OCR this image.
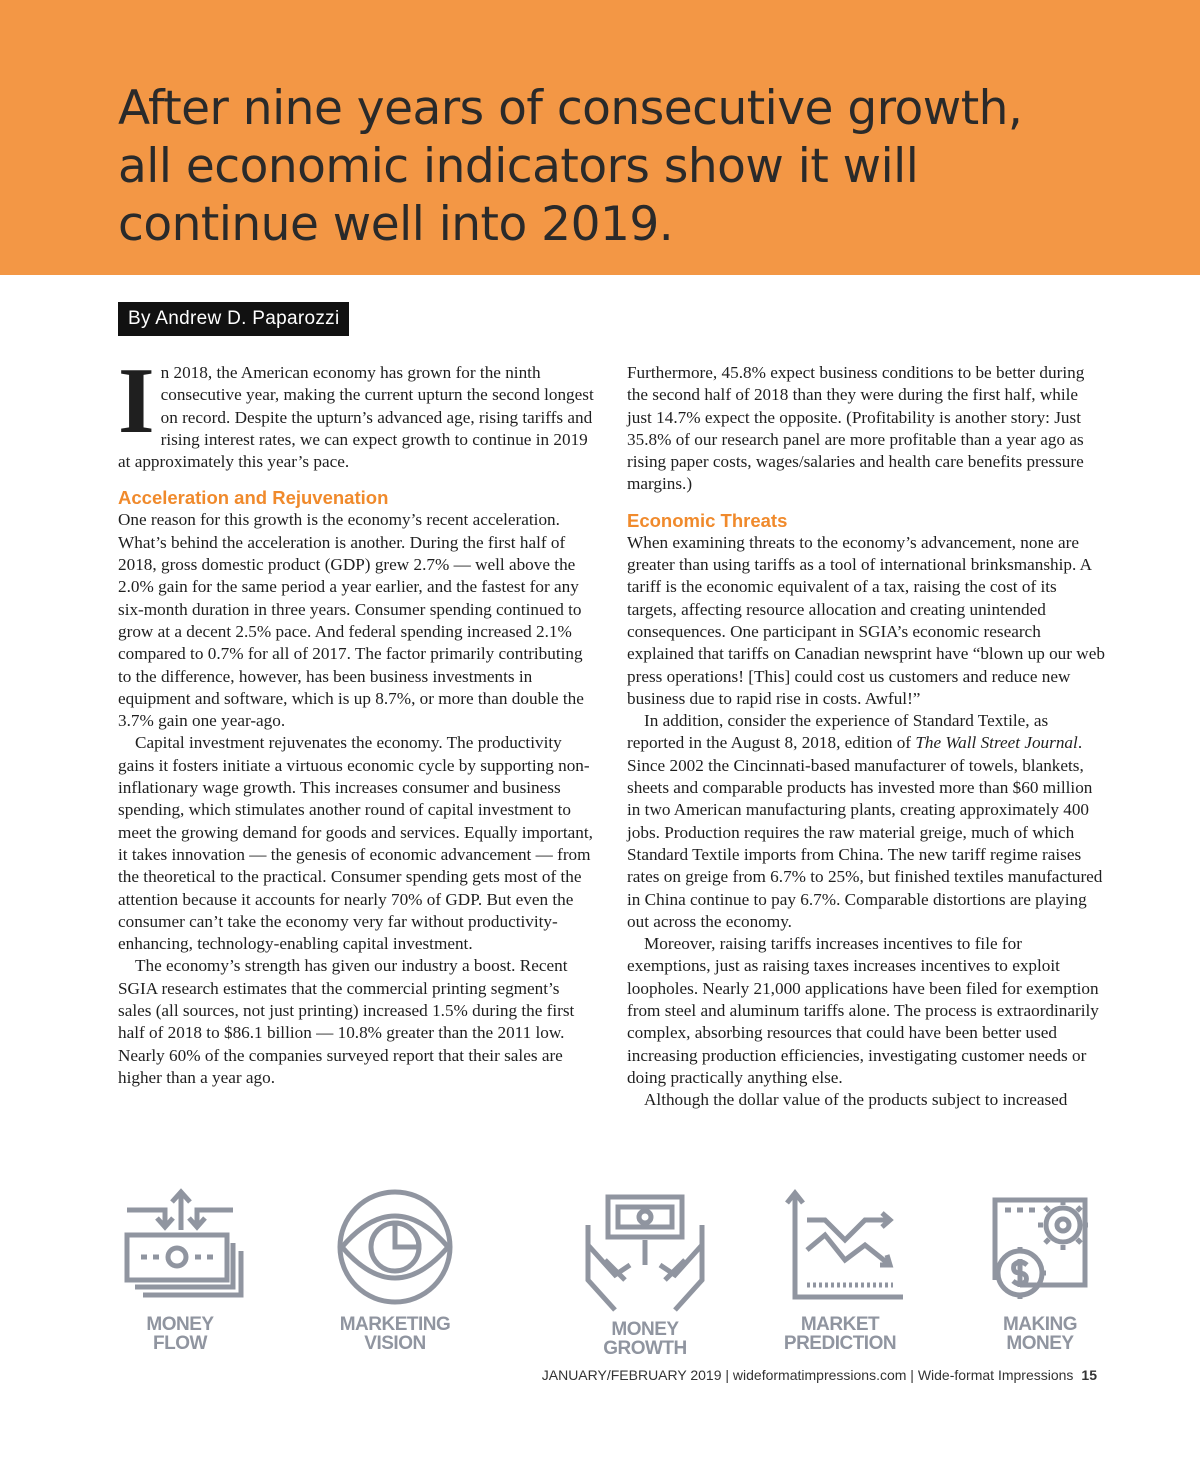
After nine years of consecutive growth,
all economic indicators show it will
continue well into 2019.
By Andrew D. Paparozzi

In 2018, the American economy has grown for the ninth consecutive year, making the current upturn the second longest on record. Despite the upturn’s advanced age, rising tariffs and rising interest rates, we can expect growth to continue in 2019 at approximately this year’s pace.

Acceleration and Rejuvenation

One reason for this growth is the economy’s recent acceleration. What’s behind the acceleration is another. During the first half of 2018, gross domestic product (GDP) grew 2.7% — well above the 2.0% gain for the same period a year earlier, and the fastest for any six-month duration in three years. Consumer spending continued to grow at a decent 2.5% pace. And federal spending increased 2.1% compared to 0.7% for all of 2017. The factor primarily contributing to the difference, however, has been business investments in equipment and software, which is up 8.7%, or more than double the 3.7% gain one year-ago.

Capital investment rejuvenates the economy. The productivity gains it fosters initiate a virtuous economic cycle by supporting non-inflationary wage growth. This increases consumer and business spending, which stimulates another round of capital investment to meet the growing demand for goods and services. Equally important, it takes innovation — the genesis of economic advancement — from the theoretical to the practical. Consumer spending gets most of the attention because it accounts for nearly 70% of GDP. But even the consumer can’t take the economy very far without productivity-enhancing, technology-enabling capital investment.

The economy’s strength has given our industry a boost. Recent SGIA research estimates that the commercial printing segment’s sales (all sources, not just printing) increased 1.5% during the first half of 2018 to $86.1 billion — 10.8% greater than the 2011 low. Nearly 60% of the companies surveyed report that their sales are higher than a year ago.

Furthermore, 45.8% expect business conditions to be better during the second half of 2018 than they were during the first half, while just 14.7% expect the opposite. (Profitability is another story: Just 35.8% of our research panel are more profitable than a year ago as rising paper costs, wages/salaries and health care benefits pressure margins.)

Economic Threats

When examining threats to the economy’s advancement, none are greater than using tariffs as a tool of international brinksmanship. A tariff is the economic equivalent of a tax, raising the cost of its targets, affecting resource allocation and creating unintended consequences. One participant in SGIA’s economic research explained that tariffs on Canadian newsprint have “blown up our web press operations! [This] could cost us customers and reduce new business due to rapid rise in costs. Awful!”

In addition, consider the experience of Standard Textile, as reported in the August 8, 2018, edition of The Wall Street Journal. Since 2002 the Cincinnati-based manufacturer of towels, blankets, sheets and comparable products has invested more than $60 million in two American manufacturing plants, creating approximately 400 jobs. Production requires the raw material greige, much of which Standard Textile imports from China. The new tariff regime raises rates on greige from 6.7% to 25%, but finished textiles manufactured in China continue to pay 6.7%. Comparable distortions are playing out across the economy.

Moreover, raising tariffs increases incentives to file for exemptions, just as raising taxes increases incentives to exploit loopholes. Nearly 21,000 applications have been filed for exemption from steel and aluminum tariffs alone. The process is extraordinarily complex, absorbing resources that could have been better used increasing production efficiencies, investigating customer needs or doing practically anything else.

Although the dollar value of the products subject to increased

MONEY
FLOW
MARKETING
VISION
MONEY
GROWTH
MARKET
PREDICTION
MAKING
MONEY
JANUARY/FEBRUARY 2019 | wideformatimpressions.com | Wide-format Impressions 15
